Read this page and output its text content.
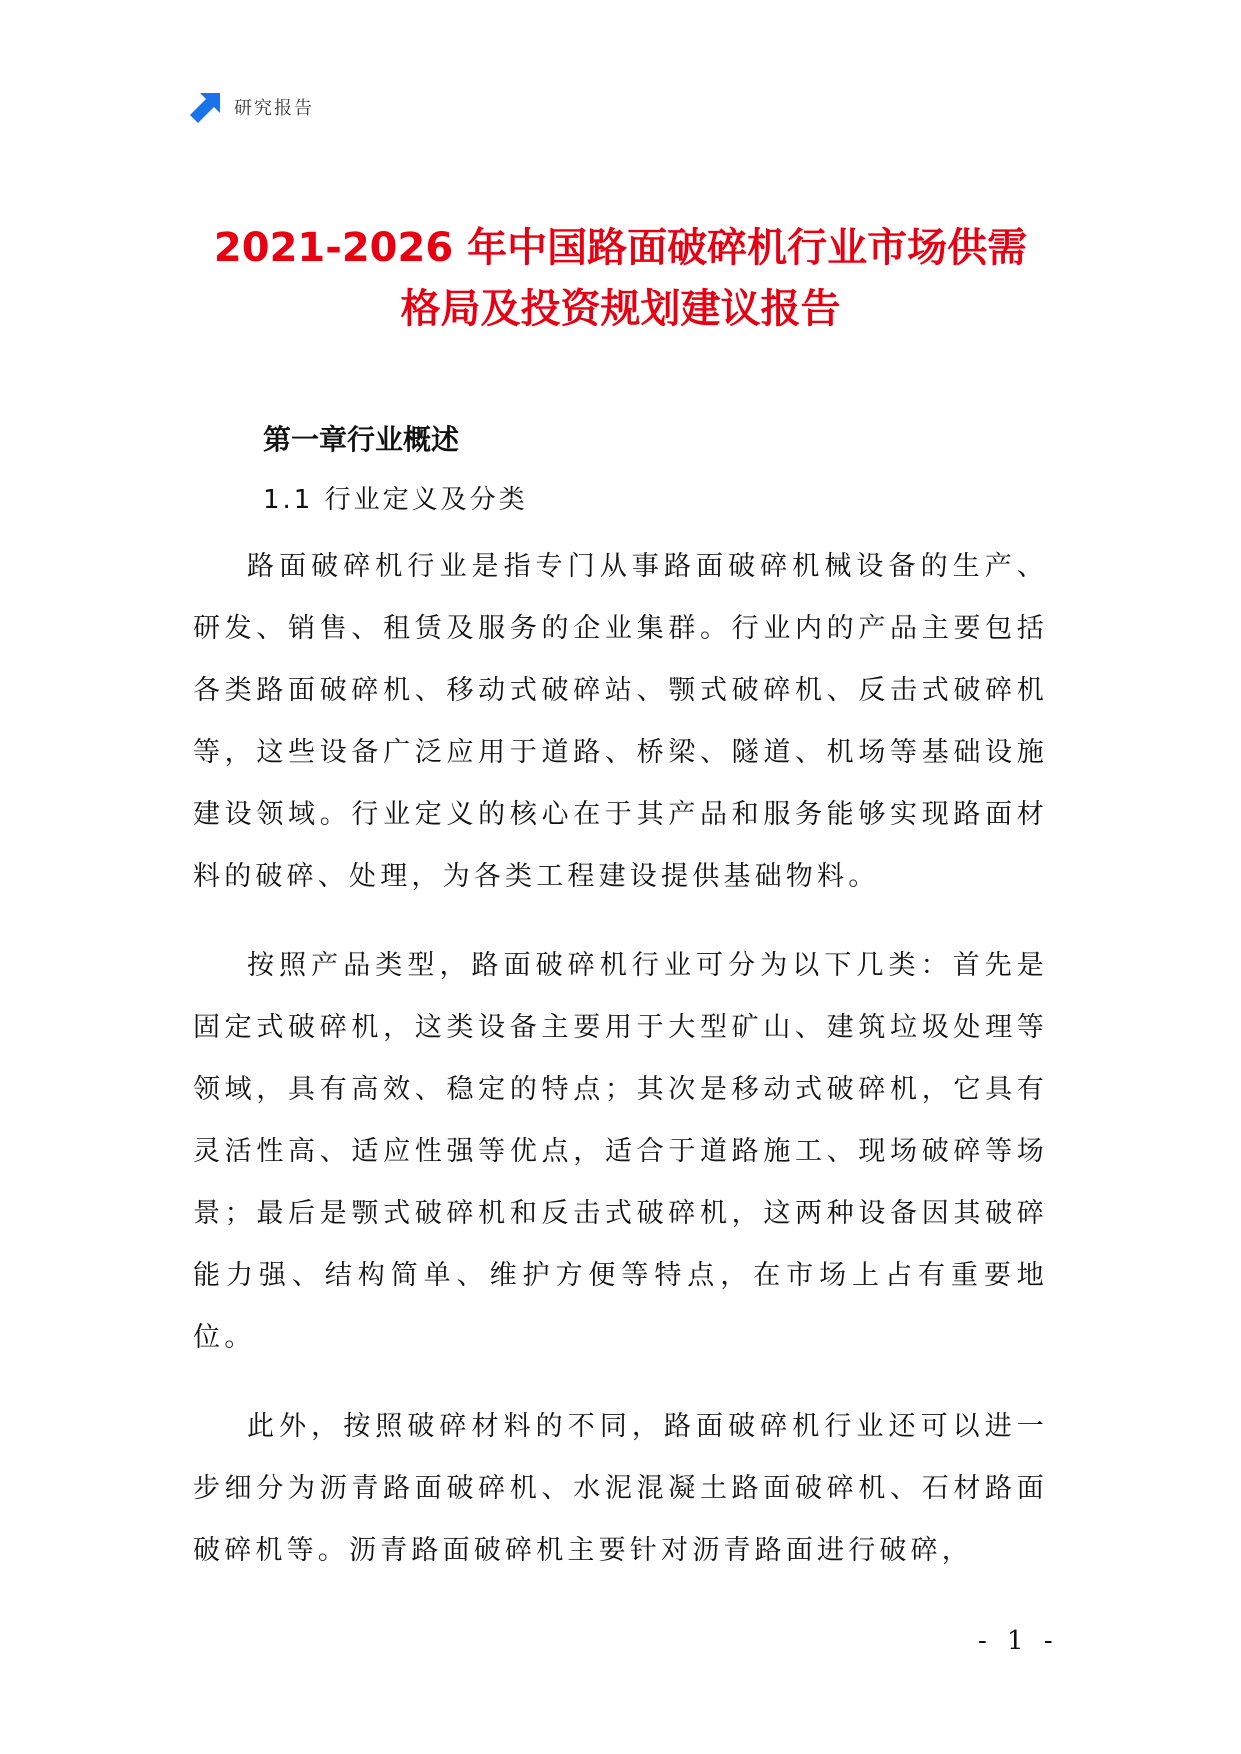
研究报告
2021-2026 年中国路面破碎机行业市场供需
格局及投资规划建议报告
第一章行业概述
1.1 行业定义及分类

路面破碎机行业是指专门从事路面破碎机械设备的生产、研发、销售、租赁及服务的企业集群。行业内的产品主要包括各类路面破碎机、移动式破碎站、颚式破碎机、反击式破碎机等，这些设备广泛应用于道路、桥梁、隧道、机场等基础设施建设领域。行业定义的核心在于其产品和服务能够实现路面材料的破碎、处理，为各类工程建设提供基础物料。

按照产品类型，路面破碎机行业可分为以下几类：首先是固定式破碎机，这类设备主要用于大型矿山、建筑垃圾处理等领域，具有高效、稳定的特点；其次是移动式破碎机，它具有灵活性高、适应性强等优点，适合于道路施工、现场破碎等场景；最后是颚式破碎机和反击式破碎机，这两种设备因其破碎能力强、结构简单、维护方便等特点，在市场上占有重要地位。

此外，按照破碎材料的不同，路面破碎机行业还可以进一步细分为沥青路面破碎机、水泥混凝土路面破碎机、石材路面破碎机等。沥青路面破碎机主要针对沥青路面进行破碎，

- 1 -
